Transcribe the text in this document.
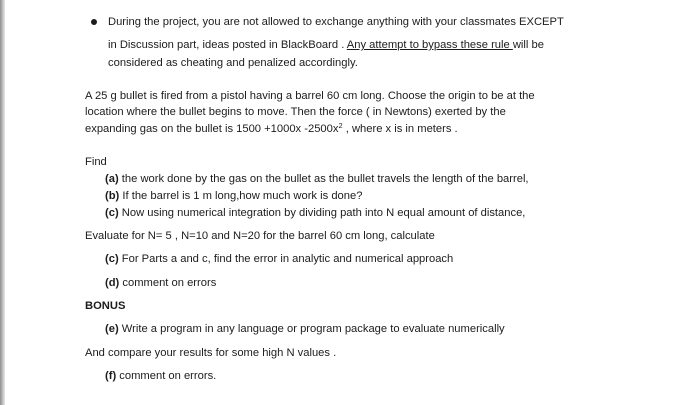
During the project, you are not allowed to exchange anything with your classmates EXCEPT
in Discussion part, ideas posted in BlackBoard . Any attempt to bypass these rule will be
considered as cheating and penalized accordingly.
A 25 g bullet is fired from a pistol having a barrel 60 cm long. Choose the origin to be at the
location where the bullet begins to move. Then the force ( in Newtons) exerted by the
expanding gas on the bullet is 1500 +1000x $-2500x^2$ , where x is in meters .
Find
(a) the work done by the gas on the bullet as the bullet travels the length of the barrel,
(b) If the barrel is 1 m long,how much work is done?
(c) Now using numerical integration by dividing path into N equal amount of distance,
Evaluate for N= 5 , N=10 and N=20 for the barrel 60 cm long, calculate
(c) For Parts a and c, find the error in analytic and numerical approach
(d) comment on errors
BONUS
(e) Write a program in any language or program package to evaluate numerically
And compare your results for some high N values .
(f) comment on errors.
